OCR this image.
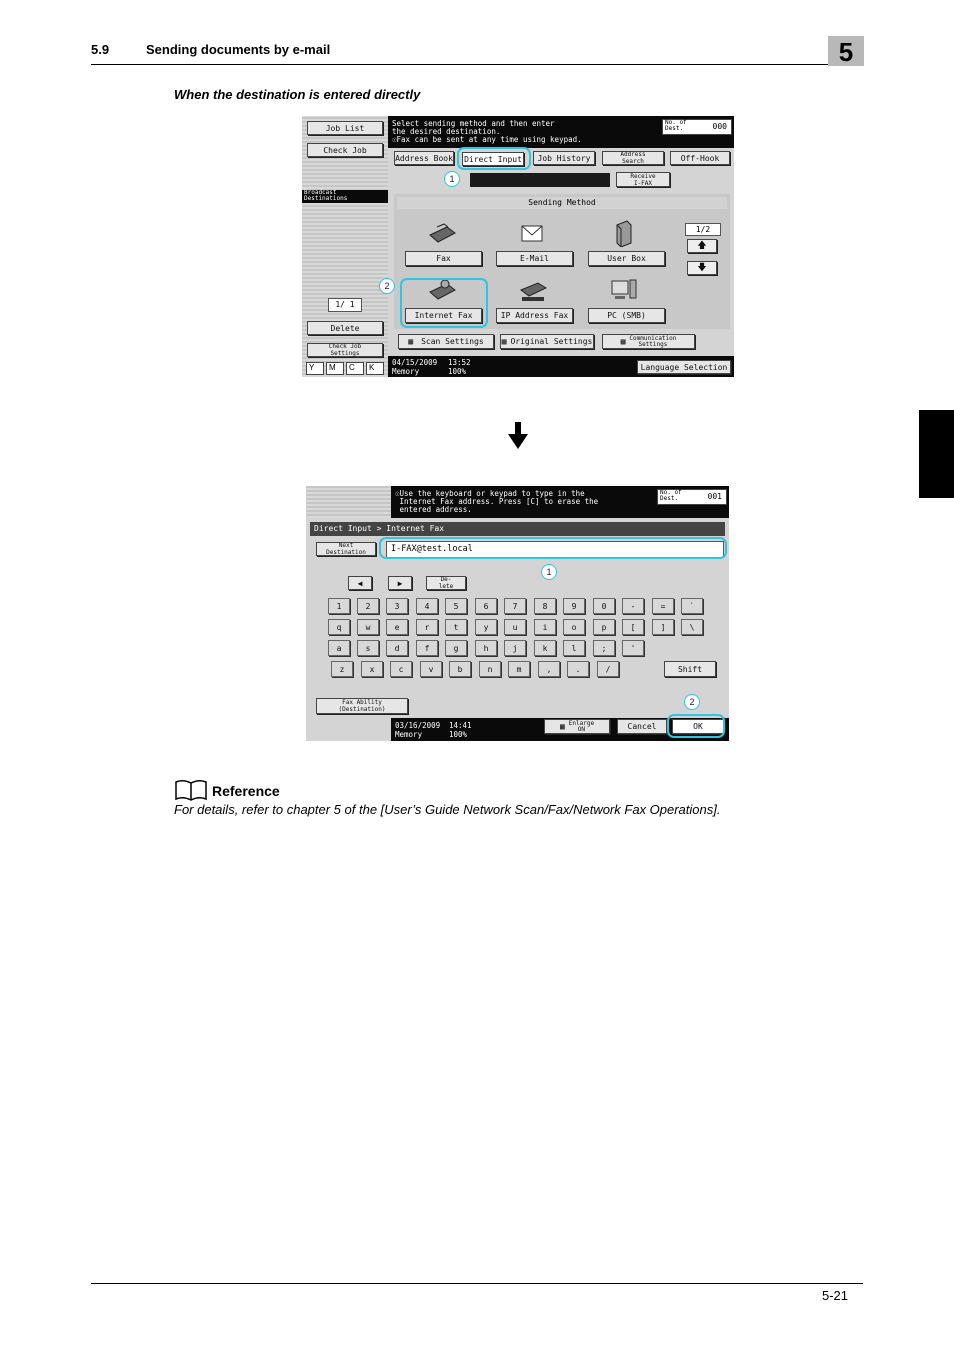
5.9	Sending documents by e-mail	5
When the destination is entered directly
Job List
Check Job
Broadcast
Destinations
1/ 1
Delete
Check Job
Settings
Y	M	C	K
Select sending method and then enter
the desired destination.
☉Fax can be sent at any time using keypad.
No. of
Dest.	000
Address Book Direct Input	Job History	Address
Search	Off-Hook
1	Receive
I-FAX
Sending Method
Fax	E-Mail	User Box
1/2
🡅
🡇
Internet Fax	IP Address Fax	PC (SMB)
2
▦ Scan Settings ▦ Original Settings	▦ Communication
Settings
04/15/2009 13:52
Memory	100%	Language Selection
☉Use the keyboard or keypad to type in the
Internet Fax address. Press [C] to erase the
entered address.
No. of
Dest.	001
Direct Input > Internet Fax
Next
Destination	I-FAX@test.local
1
◀	▶	De-
lete
1	2	3	4	5	6	7	8	9	0	-	=	`
q	w	e	r	t	y	u	i	o	p	[	]	\
a	s	d	f	g	h	j	k	l	;	'
z	x	c	v	b	n	m	,	.	/	Shift
Fax Ability
(Destination)
03/16/2009 14:41
Memory	100%
▦ Enlarge
ON	Cancel	OK
2
Reference
For details, refer to chapter 5 of the [User’s Guide Network Scan/Fax/Network Fax Operations].
5-21
